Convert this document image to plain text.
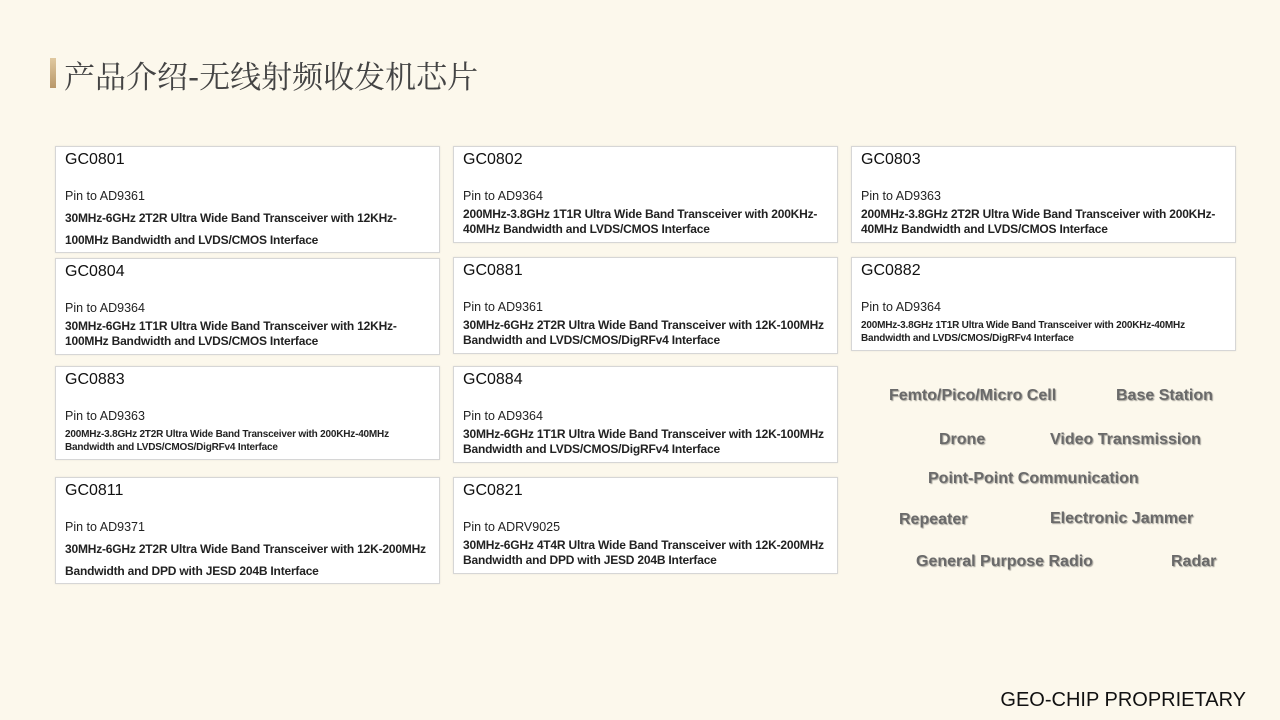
产品介绍-无线射频收发机芯片
GC0801
Pin to AD9361
30MHz-6GHz 2T2R Ultra Wide Band Transceiver with 12KHz-100MHz Bandwidth and LVDS/CMOS Interface
GC0802
Pin to AD9364
200MHz-3.8GHz 1T1R Ultra Wide Band Transceiver with 200KHz-40MHz Bandwidth and LVDS/CMOS Interface
GC0803
Pin to AD9363
200MHz-3.8GHz 2T2R Ultra Wide Band Transceiver with 200KHz-40MHz Bandwidth and LVDS/CMOS Interface
GC0804
Pin to AD9364
30MHz-6GHz 1T1R Ultra Wide Band Transceiver with 12KHz-100MHz Bandwidth and LVDS/CMOS Interface
GC0881
Pin to AD9361
30MHz-6GHz 2T2R Ultra Wide Band Transceiver with 12K-100MHz Bandwidth and LVDS/CMOS/DigRFv4 Interface
GC0882
Pin to AD9364
200MHz-3.8GHz 1T1R Ultra Wide Band Transceiver with 200KHz-40MHz Bandwidth and LVDS/CMOS/DigRFv4 Interface
GC0883
Pin to AD9363
200MHz-3.8GHz 2T2R Ultra Wide Band Transceiver with 200KHz-40MHz Bandwidth and LVDS/CMOS/DigRFv4 Interface
GC0884
Pin to AD9364
30MHz-6GHz 1T1R Ultra Wide Band Transceiver with 12K-100MHz Bandwidth and LVDS/CMOS/DigRFv4 Interface
GC0811
Pin to AD9371
30MHz-6GHz 2T2R Ultra Wide Band Transceiver with 12K-200MHz Bandwidth and DPD with JESD 204B Interface
GC0821
Pin to ADRV9025
30MHz-6GHz 4T4R Ultra Wide Band Transceiver with 12K-200MHz Bandwidth and DPD with JESD 204B Interface
Femto/Pico/Micro Cell	Base Station
Drone	Video Transmission
Point-Point Communication
Repeater	Electronic Jammer
General Purpose Radio	Radar
GEO-CHIP PROPRIETARY
